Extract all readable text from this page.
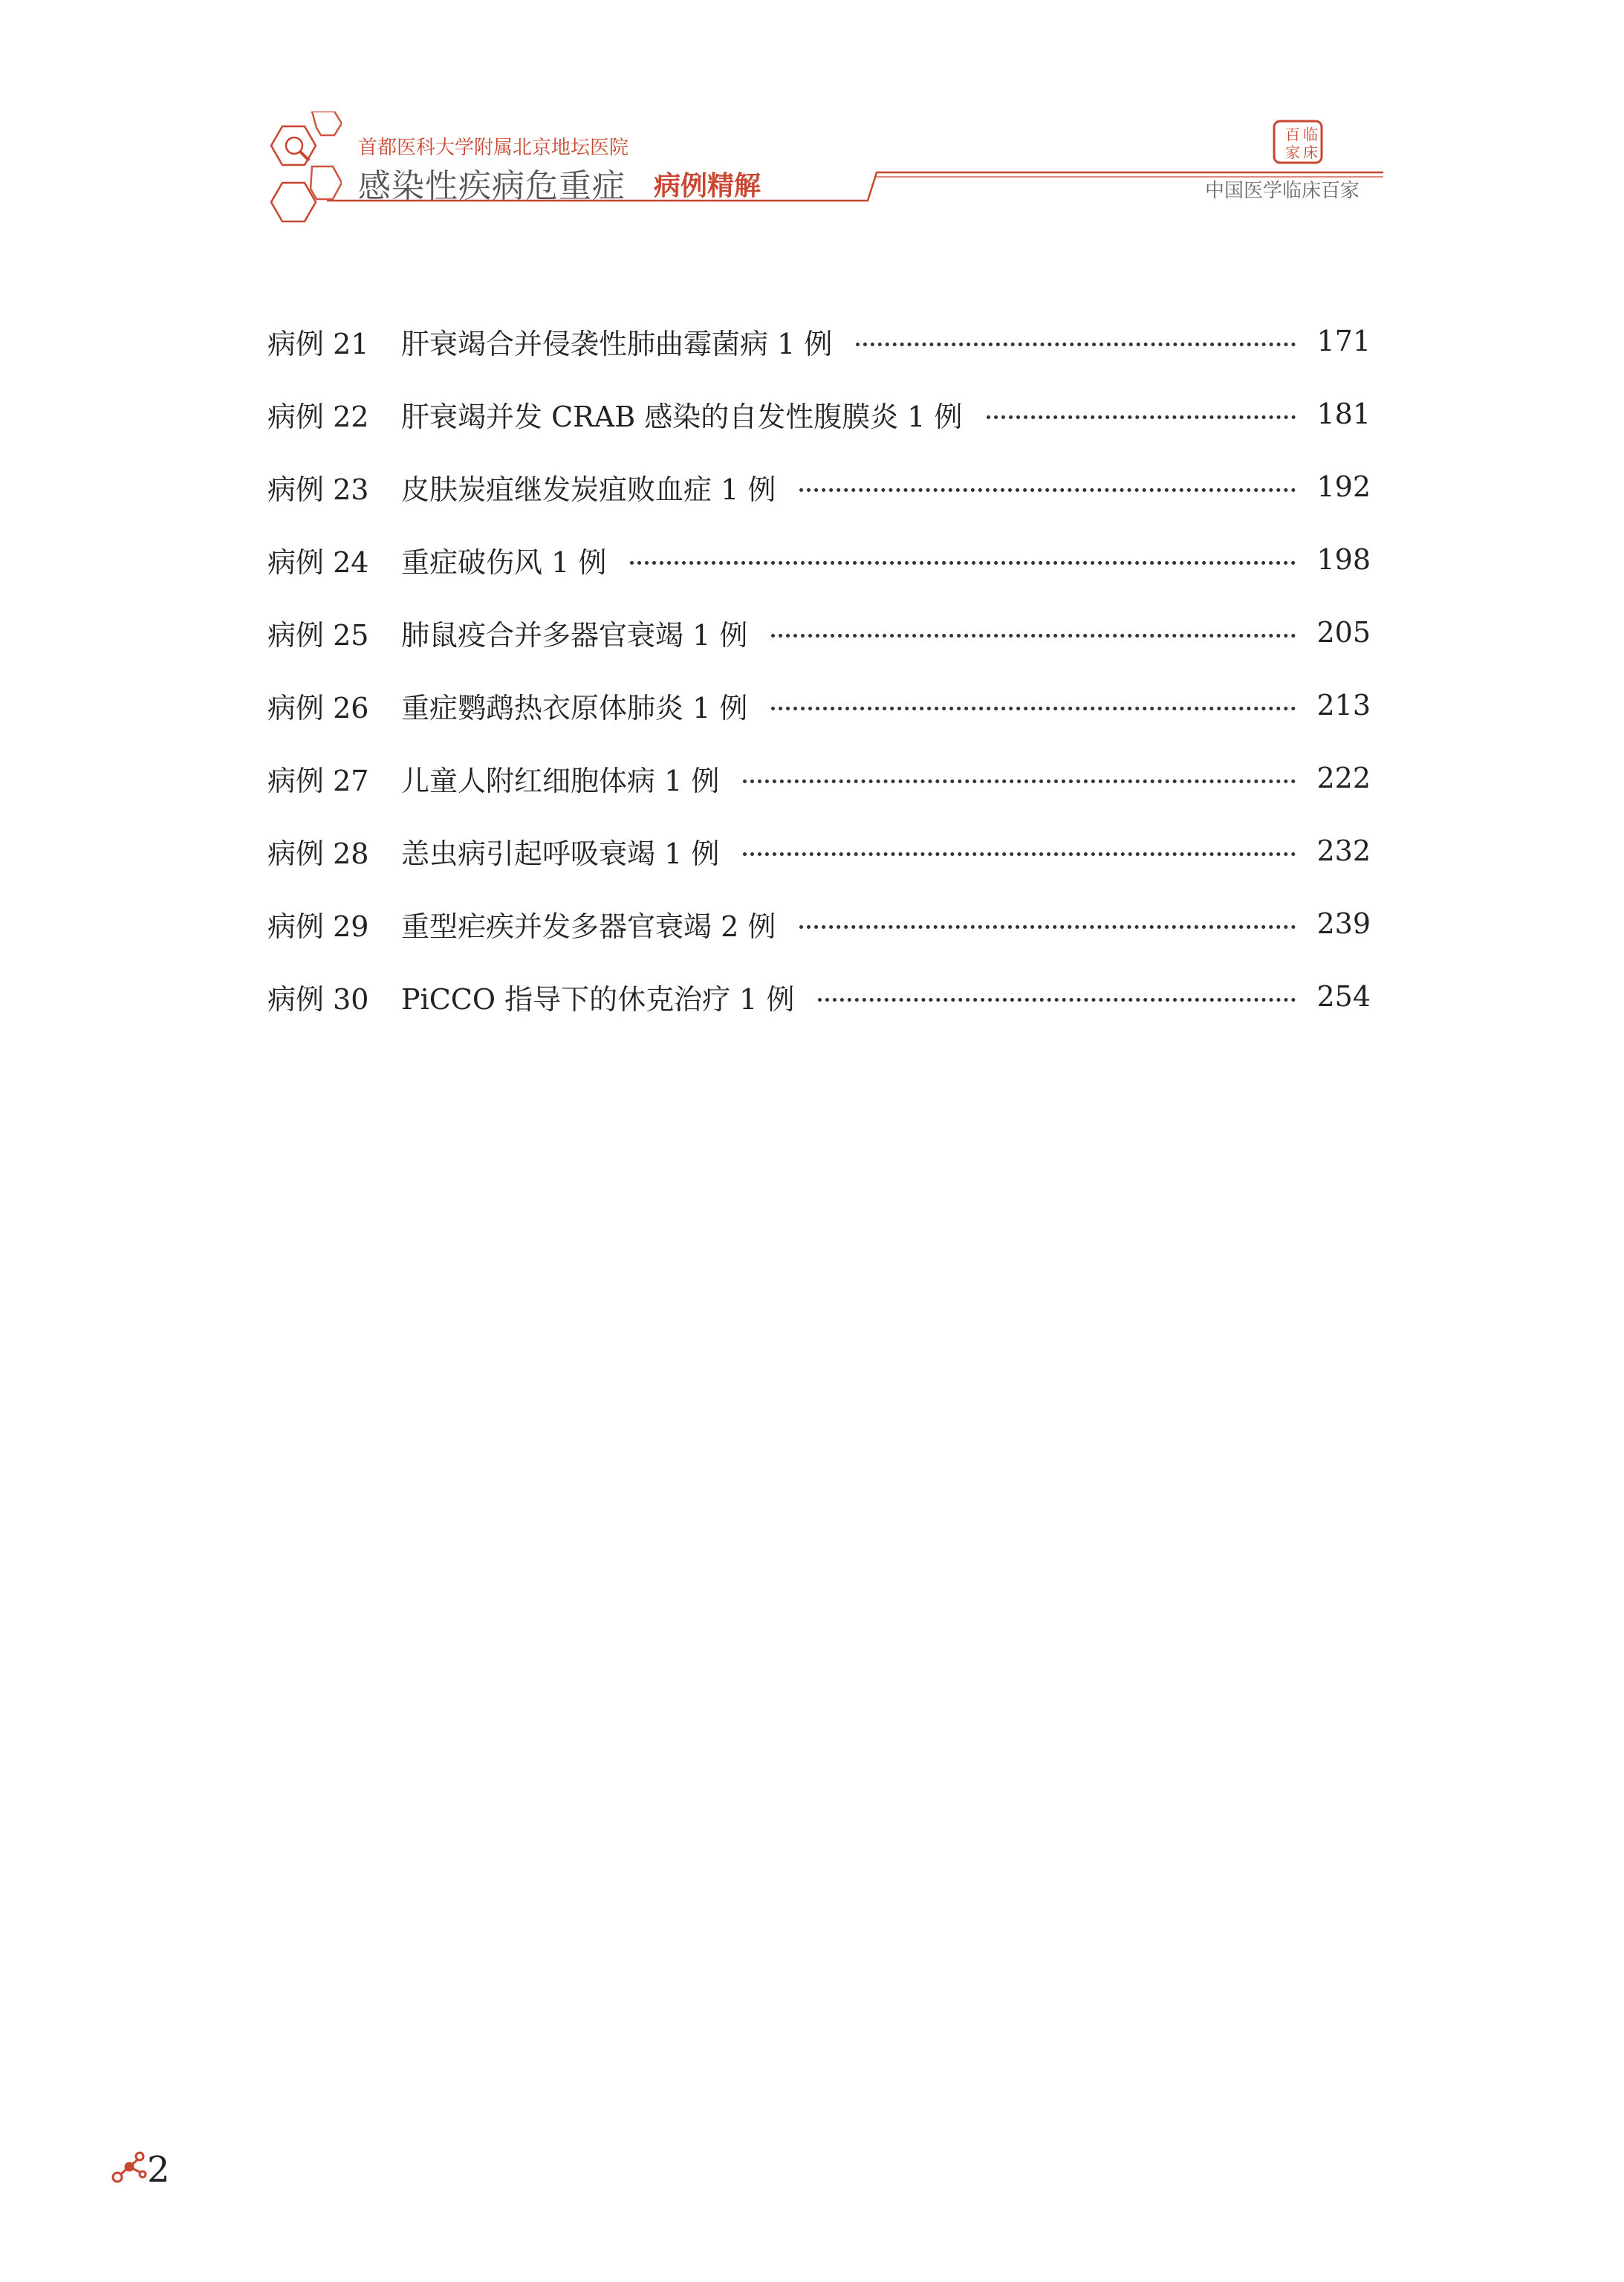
首都医科大学附属北京地坛医院
感染性疾病危重症 病例精解
百 临
家 床
中国医学临床百家
病例 21	肝衰竭合并侵袭性肺曲霉菌病 1 例	171
病例 22	肝衰竭并发 CRAB 感染的自发性腹膜炎 1 例	181
病例 23	皮肤炭疽继发炭疽败血症 1 例	192
病例 24	重症破伤风 1 例	198
病例 25	肺鼠疫合并多器官衰竭 1 例	205
病例 26	重症鹦鹉热衣原体肺炎 1 例	213
病例 27	儿童人附红细胞体病 1 例	222
病例 28	恙虫病引起呼吸衰竭 1 例	232
病例 29	重型疟疾并发多器官衰竭 2 例	239
病例 30	PiCCO 指导下的休克治疗 1 例	254
2
